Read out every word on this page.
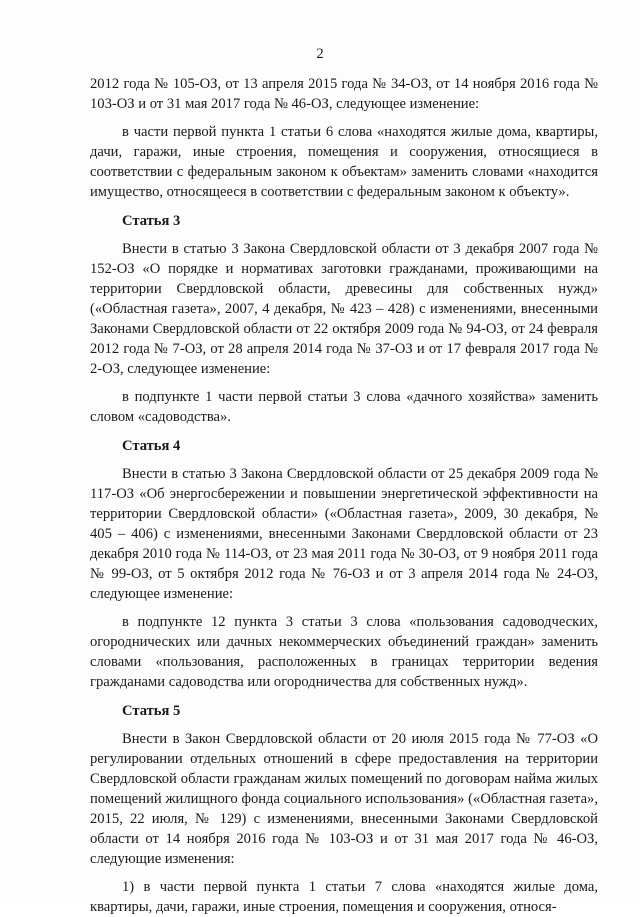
2

2012 года № 105-ОЗ, от 13 апреля 2015 года № 34-ОЗ, от 14 ноября 2016 года № 103-ОЗ и от 31 мая 2017 года № 46-ОЗ, следующее изменение:

в части первой пункта 1 статьи 6 слова «находятся жилые дома, квартиры, дачи, гаражи, иные строения, помещения и сооружения, относящиеся в соответствии с федеральным законом к объектам» заменить словами «находится имущество, относящееся в соответствии с федеральным законом к объекту».

Статья 3

Внести в статью 3 Закона Свердловской области от 3 декабря 2007 года № 152-ОЗ «О порядке и нормативах заготовки гражданами, проживающими на территории Свердловской области, древесины для собственных нужд» («Областная газета», 2007, 4 декабря, № 423 – 428) с изменениями, внесенными Законами Свердловской области от 22 октября 2009 года № 94-ОЗ, от 24 февраля 2012 года № 7-ОЗ, от 28 апреля 2014 года № 37-ОЗ и от 17 февраля 2017 года № 2-ОЗ, следующее изменение:

в подпункте 1 части первой статьи 3 слова «дачного хозяйства» заменить словом «садоводства».

Статья 4

Внести в статью 3 Закона Свердловской области от 25 декабря 2009 года № 117-ОЗ «Об энергосбережении и повышении энергетической эффективности на территории Свердловской области» («Областная газета», 2009, 30 декабря, № 405 – 406) с изменениями, внесенными Законами Свердловской области от 23 декабря 2010 года № 114-ОЗ, от 23 мая 2011 года № 30-ОЗ, от 9 ноября 2011 года № 99-ОЗ, от 5 октября 2012 года № 76-ОЗ и от 3 апреля 2014 года № 24-ОЗ, следующее изменение:

в подпункте 12 пункта 3 статьи 3 слова «пользования садоводческих, огороднических или дачных некоммерческих объединений граждан» заменить словами «пользования, расположенных в границах территории ведения гражданами садоводства или огородничества для собственных нужд».

Статья 5

Внести в Закон Свердловской области от 20 июля 2015 года № 77-ОЗ «О регулировании отдельных отношений в сфере предоставления на территории Свердловской области гражданам жилых помещений по договорам найма жилых помещений жилищного фонда социального использования» («Областная газета», 2015, 22 июля, № 129) с изменениями, внесенными Законами Свердловской области от 14 ноября 2016 года № 103-ОЗ и от 31 мая 2017 года № 46-ОЗ, следующие изменения:

1) в части первой пункта 1 статьи 7 слова «находятся жилые дома, квартиры, дачи, гаражи, иные строения, помещения и сооружения, относя-
